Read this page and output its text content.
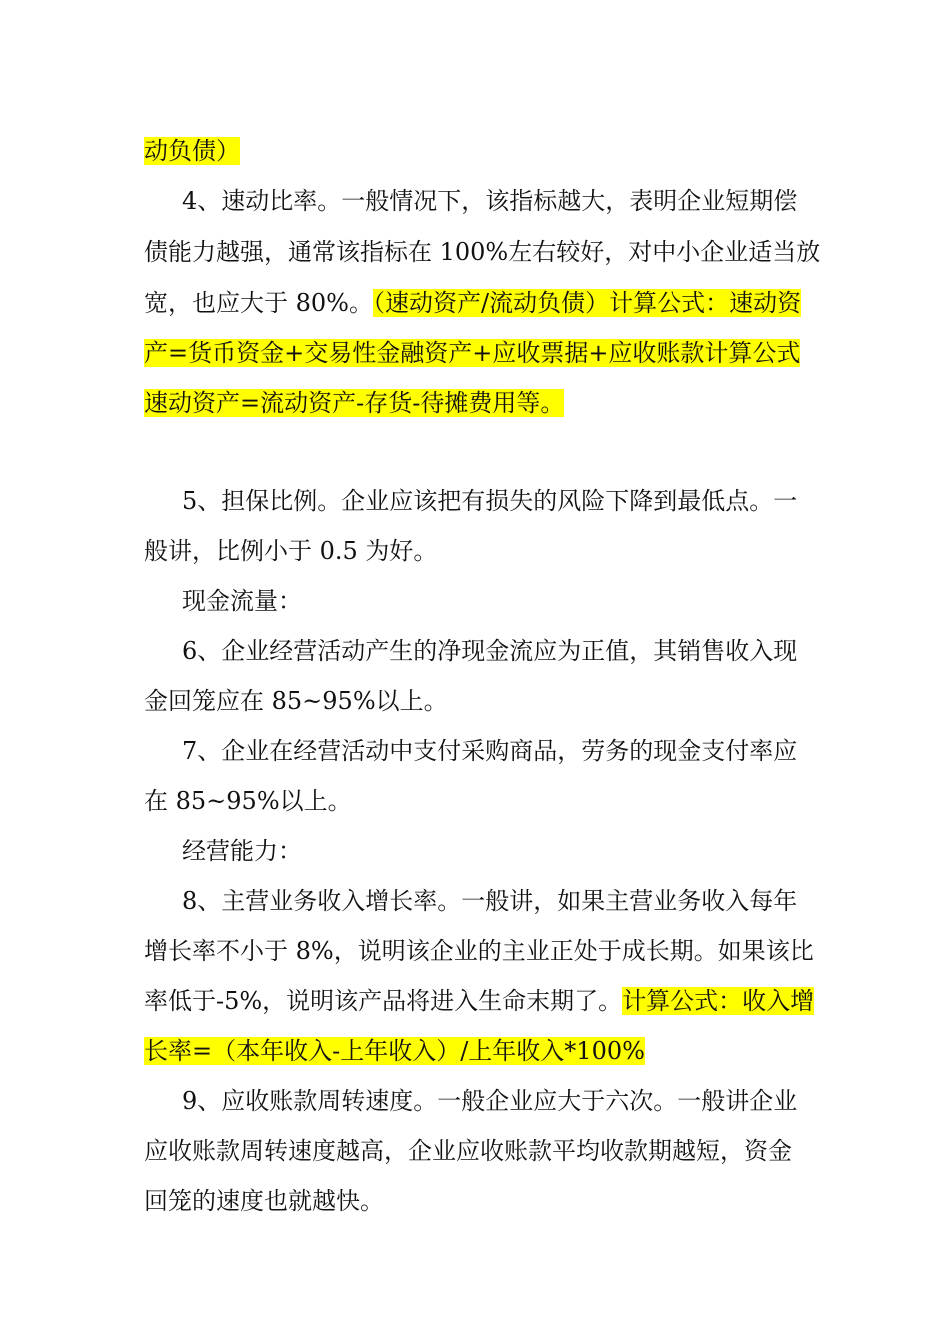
动负债）
4、速动比率。一般情况下，该指标越大，表明企业短期偿
债能力越强，通常该指标在 100%左右较好，对中小企业适当放
宽，也应大于 80%。（速动资产/流动负债）计算公式：速动资
产=货币资金+交易性金融资产+应收票据+应收账款计算公式
速动资产=流动资产-存货-待摊费用等。
5、担保比例。企业应该把有损失的风险下降到最低点。一
般讲，比例小于 0.5 为好。
现金流量：
6、企业经营活动产生的净现金流应为正值，其销售收入现
金回笼应在 85~95%以上。
7、企业在经营活动中支付采购商品，劳务的现金支付率应
在 85~95%以上。
经营能力：
8、主营业务收入增长率。一般讲，如果主营业务收入每年
增长率不小于 8%，说明该企业的主业正处于成长期。如果该比
率低于-5%，说明该产品将进入生命末期了。计算公式：收入增
长率=（本年收入-上年收入）/上年收入*100%
9、应收账款周转速度。一般企业应大于六次。一般讲企业
应收账款周转速度越高，企业应收账款平均收款期越短，资金
回笼的速度也就越快。
